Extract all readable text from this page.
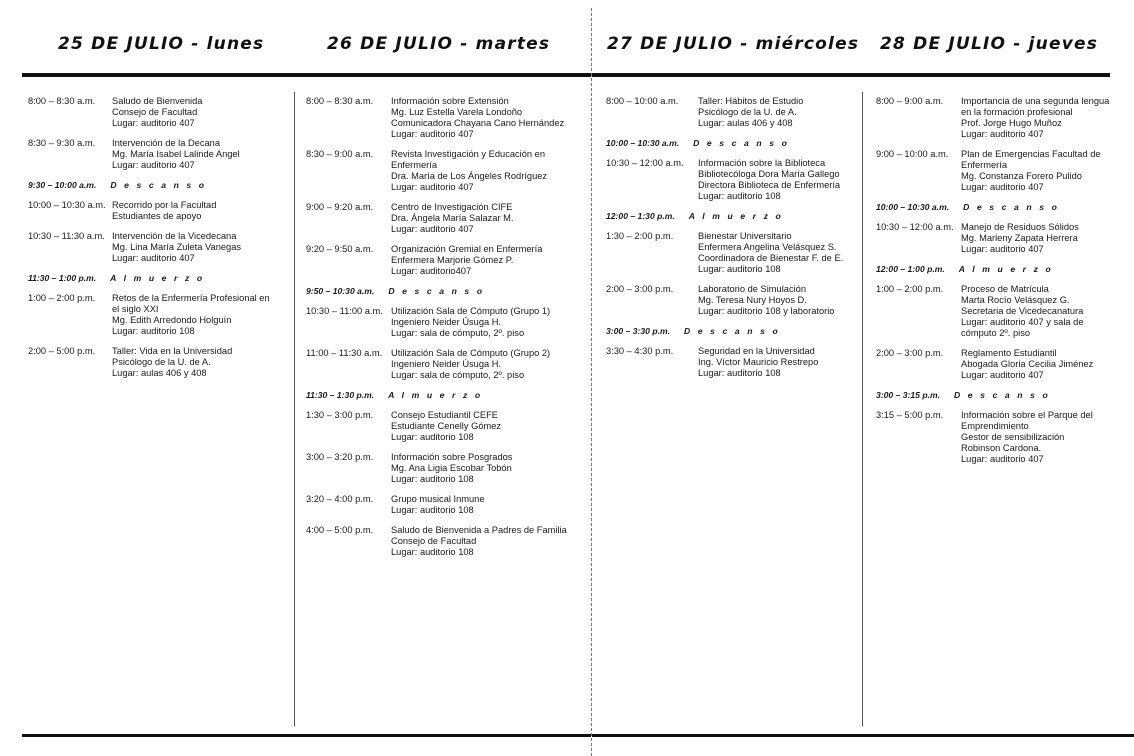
25 DE JULIO - lunes	26 DE JULIO - martes	27 DE JULIO - miércoles 28 DE JULIO - jueves
8:00 – 8:30 a.m. Saludo de Bienvenida
Consejo de Facultad
Lugar: auditorio 407
8:30 – 9:30 a.m. Intervención de la Decana
Mg. María Isabel Lalinde Angel
Lugar: auditorio 407
9:30 – 10:00 a.m. D e s c a n s o
10:00 – 10:30 a.m. Recorrido por la Facultad
Estudiantes de apoyo
10:30 – 11:30 a.m. Intervención de la Vicedecana
Mg. Lina María Zuleta Vanegas
Lugar: auditorio 407
11:30 – 1:00 p.m. A l m u e r z o
1:00 – 2:00 p.m. Retos de la Enfermería Profesional en
el siglo XXI
Mg. Edith Arredondo Holguín
Lugar: auditorio 108
2:00 – 5:00 p.m. Taller: Vida en la Universidad
Psicólogo de la U. de A.
Lugar: aulas 406 y 408
8:00 – 8:30 a.m. Información sobre Extensión
Mg. Luz Estella Varela Londoño
Comunicadora Chayana Cano Hernández
Lugar: auditorio 407
8:30 – 9:00 a.m. Revista Investigación y Educación en
Enfermería
Dra. María de Los Ángeles Rodríguez
Lugar: auditorio 407
9:00 – 9:20 a.m. Centro de Investigación CIFE
Dra. Ángela María Salazar M.
Lugar: auditorio 407
9:20 – 9:50 a.m. Organización Gremial en Enfermería
Enfermera Marjorie Gómez P.
Lugar: auditorio407
9:50 – 10:30 a.m. D e s c a n s o
10:30 – 11:00 a.m. Utilización Sala de Cómputo (Grupo 1)
Ingeniero Neider Úsuga H.
Lugar: sala de cómputo, 2º. piso
11:00 – 11:30 a.m. Utilización Sala de Cómputo (Grupo 2)
Ingeniero Neider Úsuga H.
Lugar: sala de cómputo, 2º. piso
11:30 – 1:30 p.m. A l m u e r z o
1:30 – 3:00 p.m. Consejo Estudiantil CEFE
Estudiante Cenelly Gómez
Lugar: auditorio 108
3:00 – 3:20 p.m. Información sobre Posgrados
Mg. Ana Ligia Escobar Tobón
Lugar: auditorio 108
3:20 – 4:00 p.m. Grupo musical Inmune
Lugar: auditorio 108
4:00 – 5:00 p.m. Saludo de Bienvenida a Padres de Familia
Consejo de Facultad
Lugar: auditorio 108
8:00 – 10:00 a.m. Taller: Hábitos de Estudio
Psicólogo de la U. de A.
Lugar: aulas 406 y 408
10:00 – 10:30 a.m. D e s c a n s o
10:30 – 12:00 a.m. Información sobre la Biblioteca
Bibliotecóloga Dora María Gallego
Directora Biblioteca de Enfermería
Lugar: auditorio 108
12:00 – 1:30 p.m. A l m u e r z o
1:30 – 2:00 p.m.	Bienestar Universitario
Enfermera Angelina Velásquez S.
Coordinadora de Bienestar F. de E.
Lugar: auditorio 108
2:00 – 3:00 p.m.	Laboratorio de Simulación
Mg. Teresa Nury Hoyos D.
Lugar: auditorio 108 y laboratorio
3:00 – 3:30 p.m. D e s c a n s o
3:30 – 4:30 p.m.	Seguridad en la Universidad
Ing. Víctor Mauricio Restrepo
Lugar: auditorio 108
8:00 – 9:00 a.m. Importancia de una segunda lengua
en la formación profesional
Prof. Jorge Hugo Muñoz
Lugar: auditorio 407
9:00 – 10:00 a.m. Plan de Emergencias Facultad de
Enfermería
Mg. Constanza Forero Pulido
Lugar: auditorio 407
10:00 – 10:30 a.m. D e s c a n s o
10:30 – 12:00 a.m. Manejo de Residuos Sólidos
Mg. Marleny Zapata Herrera
Lugar: auditorio 407
12:00 – 1:00 p.m. A l m u e r z o
1:00 – 2:00 p.m. Proceso de Matrícula
Marta Rocío Velásquez G.
Secretaria de Vicedecanatura
Lugar: auditorio 407 y sala de
cómputo 2º. piso
2:00 – 3:00 p.m. Reglamento Estudiantil
Abogada Gloria Cecilia Jiménez
Lugar: auditorio 407
3:00 – 3:15 p.m. D e s c a n s o
3:15 – 5:00 p.m. Información sobre el Parque del
Emprendimiento
Gestor de sensibilización
Robinson Cardona.
Lugar: auditorio 407
